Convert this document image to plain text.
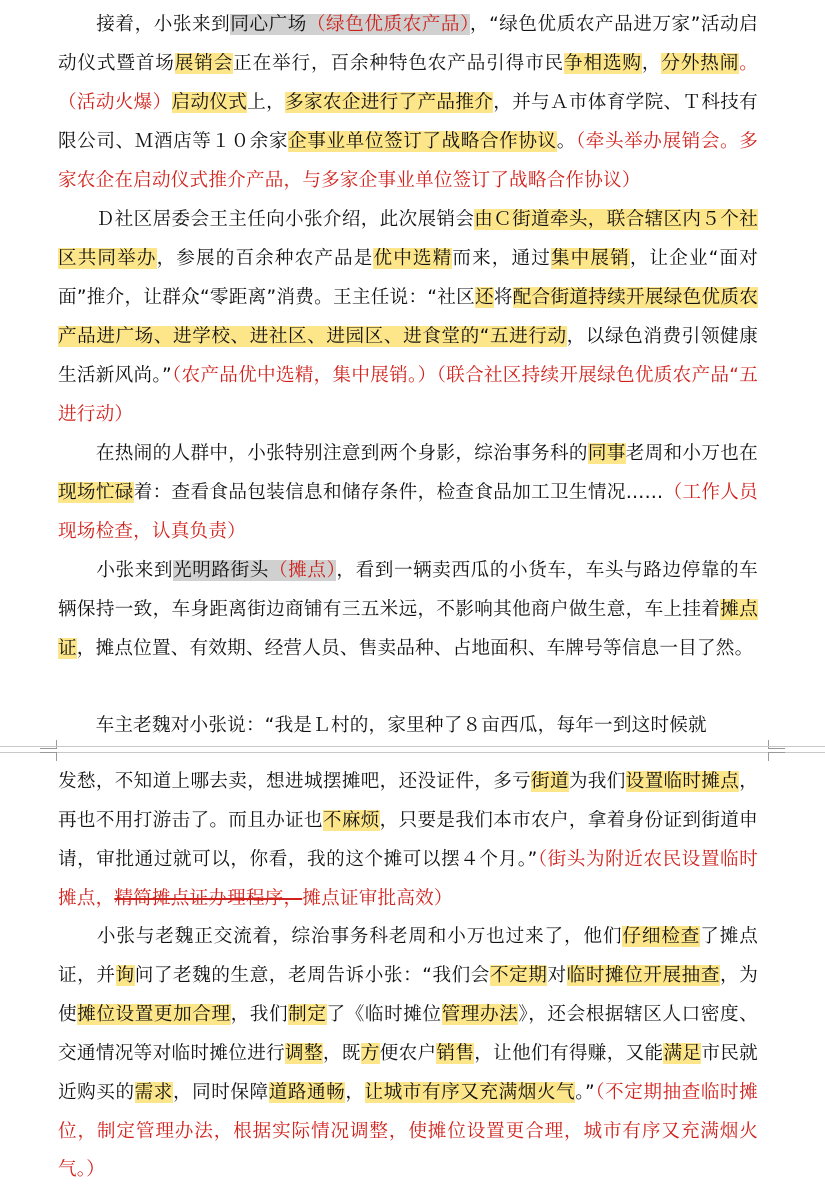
　　接着，小张来到同心广场（绿色优质农产品），“绿色优质农产品进万家”活动启动仪式暨首场展销会正在举行，百余种特色农产品引得市民争相选购，分外热闹。（活动火爆）启动仪式上，多家农企进行了产品推介，并与Ａ市体育学院、Ｔ科技有限公司、Ｍ酒店等１０余家企事业单位签订了战略合作协议。（牵头举办展销会。多家农企在启动仪式推介产品，与多家企事业单位签订了战略合作协议）

　　Ｄ社区居委会王主任向小张介绍，此次展销会由Ｃ街道牵头，联合辖区内５个社区共同举办，参展的百余种农产品是优中选精而来，通过集中展销，让企业“面对面”推介，让群众“零距离”消费。王主任说：“社区还将配合街道持续开展绿色优质农产品进广场、进学校、进社区、进园区、进食堂的“五进行动，以绿色消费引领健康生活新风尚。”（农产品优中选精，集中展销。）（联合社区持续开展绿色优质农产品“五进行动）

　　在热闹的人群中，小张特别注意到两个身影，综治事务科的同事老周和小万也在现场忙碌着：查看食品包装信息和储存条件，检查食品加工卫生情况……（工作人员现场检查，认真负责）

　　小张来到光明路街头（摊点），看到一辆卖西瓜的小货车，车头与路边停靠的车辆保持一致，车身距离街边商铺有三五米远，不影响其他商户做生意，车上挂着摊点证，摊点位置、有效期、经营人员、售卖品种、占地面积、车牌号等信息一目了然。

　　车主老魏对小张说：“我是Ｌ村的，家里种了８亩西瓜，每年一到这时候就

发愁，不知道上哪去卖，想进城摆摊吧，还没证件，多亏街道为我们设置临时摊点，再也不用打游击了。而且办证也不麻烦，只要是我们本市农户，拿着身份证到街道申请，审批通过就可以，你看，我的这个摊可以摆４个月。”（街头为附近农民设置临时摊点，精简摊点证办理程序，摊点证审批高效）

　　小张与老魏正交流着，综治事务科老周和小万也过来了，他们仔细检查了摊点证，并询问了老魏的生意，老周告诉小张：“我们会不定期对临时摊位开展抽查，为使摊位设置更加合理，我们制定了《临时摊位管理办法》，还会根据辖区人口密度、交通情况等对临时摊位进行调整，既方便农户销售，让他们有得赚，又能满足市民就近购买的需求，同时保障道路通畅，让城市有序又充满烟火气。”（不定期抽查临时摊位，制定管理办法，根据实际情况调整，使摊位设置更合理，城市有序又充满烟火气。）
